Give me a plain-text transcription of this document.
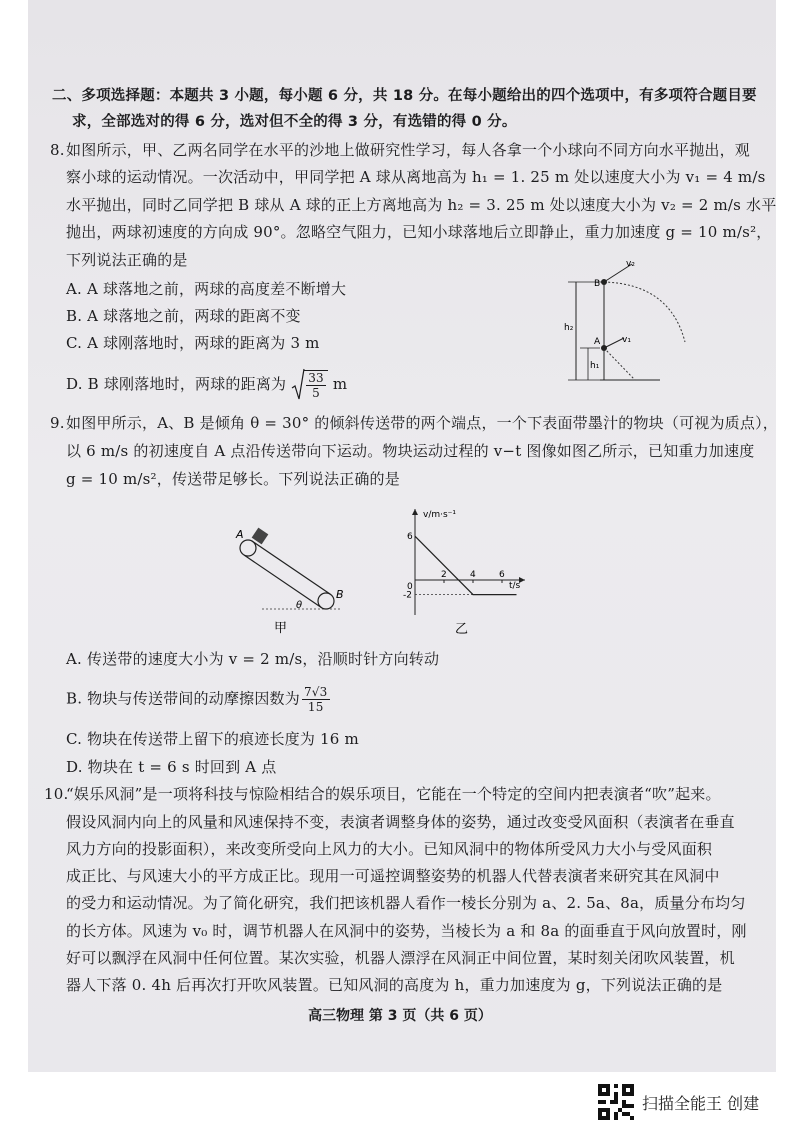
二、多项选择题：本题共 3 小题，每小题 6 分，共 18 分。在每小题给出的四个选项中，有多项符合题目要
求，全部选对的得 6 分，选对但不全的得 3 分，有选错的得 0 分。
8. 如图所示，甲、乙两名同学在水平的沙地上做研究性学习，每人各拿一个小球向不同方向水平抛出，观
察小球的运动情况。一次活动中，甲同学把 A 球从离地高为 h₁ = 1. 25 m 处以速度大小为 v₁ = 4 m/s
水平抛出，同时乙同学把 B 球从 A 球的正上方离地高为 h₂ = 3. 25 m 处以速度大小为 v₂ = 2 m/s 水平
抛出，两球初速度的方向成 90°。忽略空气阻力，已知小球落地后立即静止，重力加速度 g = 10 m/s²，
下列说法正确的是
A. A 球落地之前，两球的高度差不断增大
B. A 球落地之前，两球的距离不变
C. A 球刚落地时，两球的距离为 3 m
D. B 球刚落地时，两球的距离为 $\frac{33}{5}$ m
B
A
v₂
v₁
h₂
h₁
9. 如图甲所示，A、B 是倾角 θ = 30° 的倾斜传送带的两个端点，一个下表面带墨汁的物块（可视为质点），
以 6 m/s 的初速度自 A 点沿传送带向下运动。物块运动过程的 v−t 图像如图乙所示，已知重力加速度
g = 10 m/s²，传送带足够长。下列说法正确的是
A
B
θ
甲
2	4	6
6
-2
v/m·s⁻¹
t/s
0
乙
A. 传送带的速度大小为 v = 2 m/s，沿顺时针方向转动
B. 物块与传送带间的动摩擦因数为 $\frac{7√3}{15}$
C. 物块在传送带上留下的痕迹长度为 16 m
D. 物块在 t = 6 s 时回到 A 点
10.
“娱乐风洞”是一项将科技与惊险相结合的娱乐项目，它能在一个特定的空间内把表演者“吹”起来。
假设风洞内向上的风量和风速保持不变，表演者调整身体的姿势，通过改变受风面积（表演者在垂直
风力方向的投影面积），来改变所受向上风力的大小。已知风洞中的物体所受风力大小与受风面积
成正比、与风速大小的平方成正比。现用一可遥控调整姿势的机器人代替表演者来研究其在风洞中
的受力和运动情况。为了简化研究，我们把该机器人看作一棱长分别为 a、2. 5a、8a，质量分布均匀
的长方体。风速为 v₀ 时，调节机器人在风洞中的姿势，当棱长为 a 和 8a 的面垂直于风向放置时，刚
好可以飘浮在风洞中任何位置。某次实验，机器人漂浮在风洞正中间位置，某时刻关闭吹风装置，机
器人下落 0. 4h 后再次打开吹风装置。已知风洞的高度为 h，重力加速度为 g，下列说法正确的是
高三物理 第 3 页（共 6 页）
扫描全能王 创建
